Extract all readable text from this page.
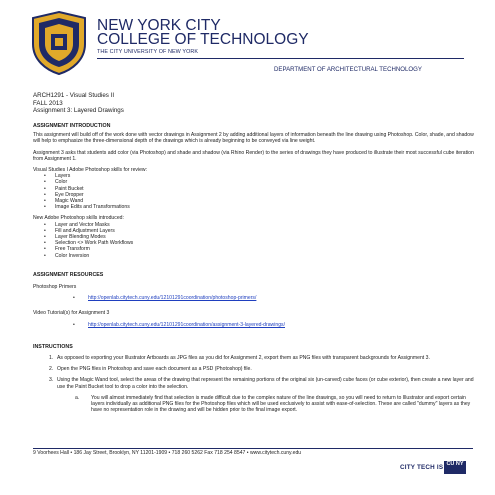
NEW YORK CITY
COLLEGE OF TECHNOLOGY
THE CITY UNIVERSITY OF NEW YORK
DEPARTMENT OF ARCHITECTURAL TECHNOLOGY
ARCH1291 - Visual Studies II
FALL 2013
Assignment 3: Layered Drawings
ASSIGNMENT INTRODUCTION
This assignment will build off of the work done with vector drawings in Assignment 2 by adding additional layers of information beneath the line drawing using Photoshop. Color, shade, and shadow will help to emphasize the three-dimensional depth of the drawings which is already beginning to be conveyed via line weight.
Assignment 3 asks that students add color (via Photoshop) and shade and shadow (via Rhino Render) to the series of drawings they have produced to illustrate their most successful cube iteration from Assignment 1.
Visual Studies I Adobe Photoshop skills for review:
• Layers
• Color
• Paint Bucket
• Eye Dropper
• Magic Wand
• Image Edits and Transformations
New Adobe Photoshop skills introduced:
• Layer and Vector Masks
• Fill and Adjustment Layers
• Layer Blending Modes
• Selection <> Work Path Workflows
• Free Transform
• Color Inversion
ASSIGNMENT RESOURCES
Photoshop Primers
• http://openlab.citytech.cuny.edu/12101291coordination/photoshop-primers/
Video Tutorial(s) for Assignment 3
• http://openlab.citytech.cuny.edu/12101291coordination/assignment-3-layered-drawings/
INSTRUCTIONS
1. As opposed to exporting your Illustrator Artboards as JPG files as you did for Assignment 2, export them as PNG files with transparent backgrounds for Assignment 3.
2. Open the PNG files in Photoshop and save each document as a PSD (Photoshop) file.
3. Using the Magic Wand tool, select the areas of the drawing that represent the remaining portions of the original six (un-carved) cube faces (or cube exterior), then create a new layer and use the Paint Bucket tool to drop a color into the selection.
a. You will almost immediately find that selection is made difficult due to the complex nature of the line drawings, so you will need to return to Illustrator and export certain layers individually as additional PNG files for the Photoshop files which will be used exclusively to assist with ease-of-selection. These are called "dummy" layers as they have no representation role in the drawing and will be hidden prior to the final image export.
9 Voorhees Hall • 186 Jay Street, Brooklyn, NY 11201-1909 • 718 260 5262 Fax 718 254 8547 • www.citytech.cuny.edu
CITY TECH IS CU NY
